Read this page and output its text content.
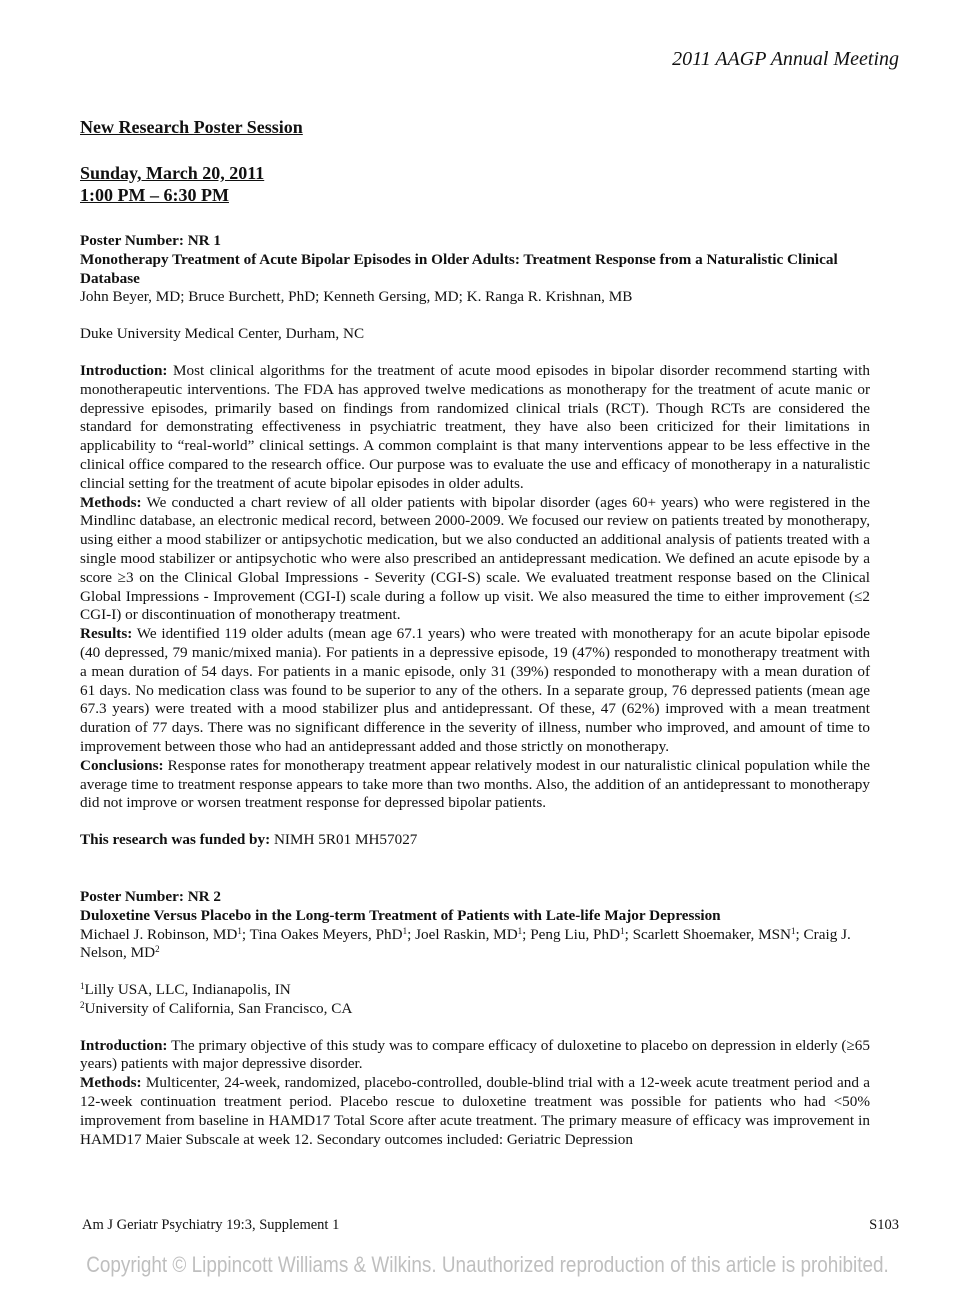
2011 AAGP Annual Meeting
New Research Poster Session
Sunday, March 20, 2011
1:00 PM – 6:30 PM
Poster Number: NR 1
Monotherapy Treatment of Acute Bipolar Episodes in Older Adults: Treatment Response from a Naturalistic Clinical Database
John Beyer, MD; Bruce Burchett, PhD; Kenneth Gersing, MD; K. Ranga R. Krishnan, MB
Duke University Medical Center, Durham, NC

Introduction: Most clinical algorithms for the treatment of acute mood episodes in bipolar disorder recommend starting with monotherapeutic interventions. The FDA has approved twelve medications as monotherapy for the treatment of acute manic or depressive episodes, primarily based on findings from randomized clinical trials (RCT). Though RCTs are considered the standard for demonstrating effectiveness in psychiatric treatment, they have also been criticized for their limitations in applicability to “real-world” clinical settings. A common complaint is that many interventions appear to be less effective in the clinical office compared to the research office. Our purpose was to evaluate the use and efficacy of monotherapy in a naturalistic clincial setting for the treatment of acute bipolar episodes in older adults.

Methods: We conducted a chart review of all older patients with bipolar disorder (ages 60+ years) who were registered in the Mindlinc database, an electronic medical record, between 2000-2009. We focused our review on patients treated by monotherapy, using either a mood stabilizer or antipsychotic medication, but we also conducted an additional analysis of patients treated with a single mood stabilizer or antipsychotic who were also prescribed an antidepressant medication. We defined an acute episode by a score ≥3 on the Clinical Global Impressions - Severity (CGI-S) scale. We evaluated treatment response based on the Clinical Global Impressions - Improvement (CGI-I) scale during a follow up visit. We also measured the time to either improvement (≤2 CGI-I) or discontinuation of monotherapy treatment.

Results: We identified 119 older adults (mean age 67.1 years) who were treated with monotherapy for an acute bipolar episode (40 depressed, 79 manic/mixed mania). For patients in a depressive episode, 19 (47%) responded to monotherapy treatment with a mean duration of 54 days. For patients in a manic episode, only 31 (39%) responded to monotherapy with a mean duration of 61 days. No medication class was found to be superior to any of the others. In a separate group, 76 depressed patients (mean age 67.3 years) were treated with a mood stabilizer plus and antidepressant. Of these, 47 (62%) improved with a mean treatment duration of 77 days. There was no significant difference in the severity of illness, number who improved, and amount of time to improvement between those who had an antidepressant added and those strictly on monotherapy.

Conclusions: Response rates for monotherapy treatment appear relatively modest in our naturalistic clinical population while the average time to treatment response appears to take more than two months. Also, the addition of an antidepressant to monotherapy did not improve or worsen treatment response for depressed bipolar patients.

This research was funded by: NIMH 5R01 MH57027
Poster Number: NR 2
Duloxetine Versus Placebo in the Long-term Treatment of Patients with Late-life Major Depression
Michael J. Robinson, $MD^1$; Tina Oakes Meyers, PhD$^1$; Joel Raskin, $MD^1$; Peng Liu, PhD$^1$; Scarlett Shoemaker, MSN$^1$; Craig J. Nelson, $MD^2$
$^1$Lilly USA, LLC, Indianapolis, IN
$^2$University of California, San Francisco, CA

Introduction: The primary objective of this study was to compare efficacy of duloxetine to placebo on depression in elderly (≥65 years) patients with major depressive disorder.

Methods: Multicenter, 24-week, randomized, placebo-controlled, double-blind trial with a 12-week acute treatment period and a 12-week continuation treatment period. Placebo rescue to duloxetine treatment was possible for patients who had <50% improvement from baseline in HAMD17 Total Score after acute treatment. The primary measure of efficacy was improvement in HAMD17 Maier Subscale at week 12. Secondary outcomes included: Geriatric Depression

Am J Geriatr Psychiatry 19:3, Supplement 1	S103
Copyright © Lippincott Williams & Wilkins. Unauthorized reproduction of this article is prohibited.
